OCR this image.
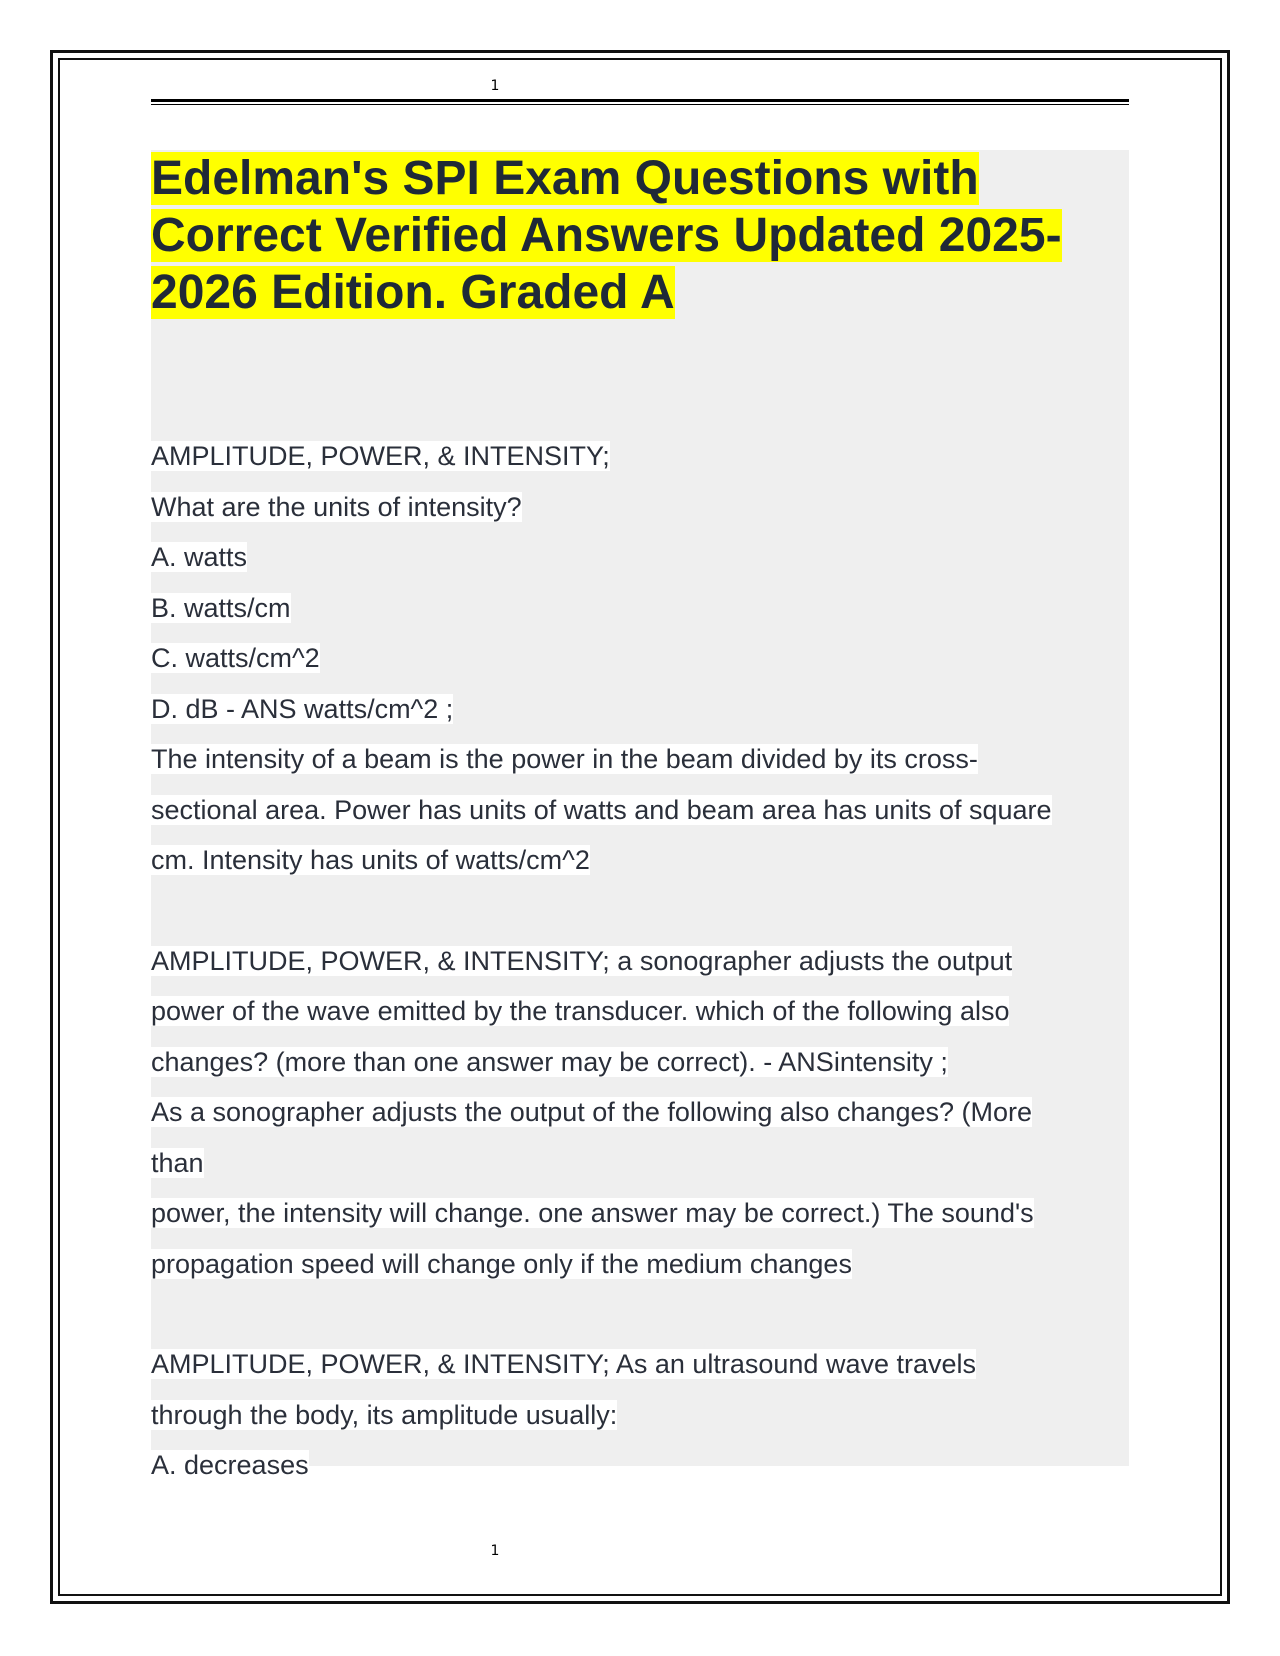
1
Edelman's SPI Exam Questions with
Correct Verified Answers Updated 2025-
2026 Edition. Graded A

AMPLITUDE, POWER, & INTENSITY;

What are the units of intensity?

A. watts

B. watts/cm

C. watts/cm^2

D. dB - ANS watts/cm^2 ;

The intensity of a beam is the power in the beam divided by its cross-

sectional area. Power has units of watts and beam area has units of square

cm. Intensity has units of watts/cm^2

AMPLITUDE, POWER, & INTENSITY; a sonographer adjusts the output

power of the wave emitted by the transducer. which of the following also

changes? (more than one answer may be correct). - ANSintensity ;

As a sonographer adjusts the output of the following also changes? (More

than

power, the intensity will change. one answer may be correct.) The sound's

propagation speed will change only if the medium changes

AMPLITUDE, POWER, & INTENSITY; As an ultrasound wave travels

through the body, its amplitude usually:

A. decreases

1
